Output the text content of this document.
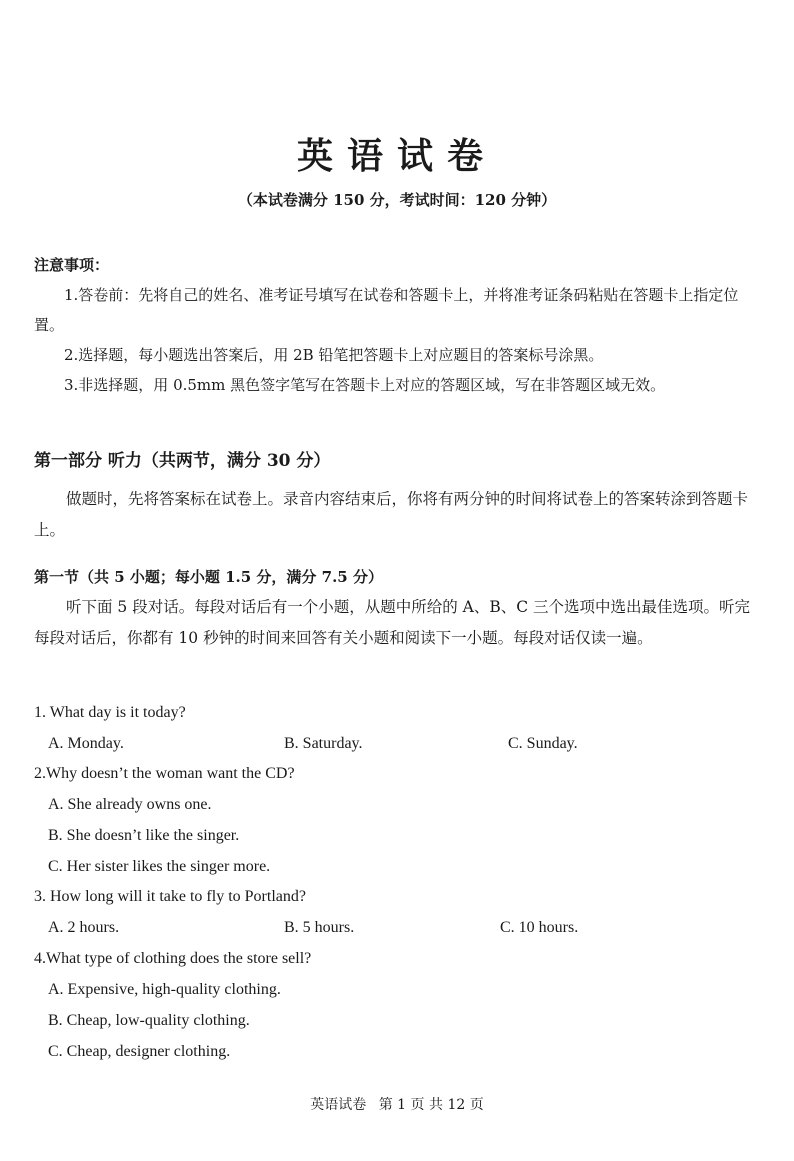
英语试卷
（本试卷满分 150 分，考试时间：120 分钟）
注意事项：
1.答卷前：先将自己的姓名、准考证号填写在试卷和答题卡上，并将准考证条码粘贴在答题卡上指定位置。
2.选择题，每小题选出答案后，用 2B 铅笔把答题卡上对应题目的答案标号涂黑。
3.非选择题，用 0.5mm 黑色签字笔写在答题卡上对应的答题区域，写在非答题区域无效。
第一部分 听力（共两节，满分 30 分）
做题时，先将答案标在试卷上。录音内容结束后，你将有两分钟的时间将试卷上的答案转涂到答题卡上。
第一节（共 5 小题；每小题 1.5 分，满分 7.5 分）
听下面 5 段对话。每段对话后有一个小题，从题中所给的 A、B、C 三个选项中选出最佳选项。听完每段对话后，你都有 10 秒钟的时间来回答有关小题和阅读下一小题。每段对话仅读一遍。
1. What day is it today?
A. Monday.	B. Saturday.	C. Sunday.
2.Why doesn’t the woman want the CD?
A. She already owns one.
B. She doesn’t like the singer.
C. Her sister likes the singer more.
3. How long will it take to fly to Portland?
A. 2 hours.	B. 5 hours.	C. 10 hours.
4.What type of clothing does the store sell?
A. Expensive, high-quality clothing.
B. Cheap, low-quality clothing.
C. Cheap, designer clothing.
英语试卷 第 1 页 共 12 页
